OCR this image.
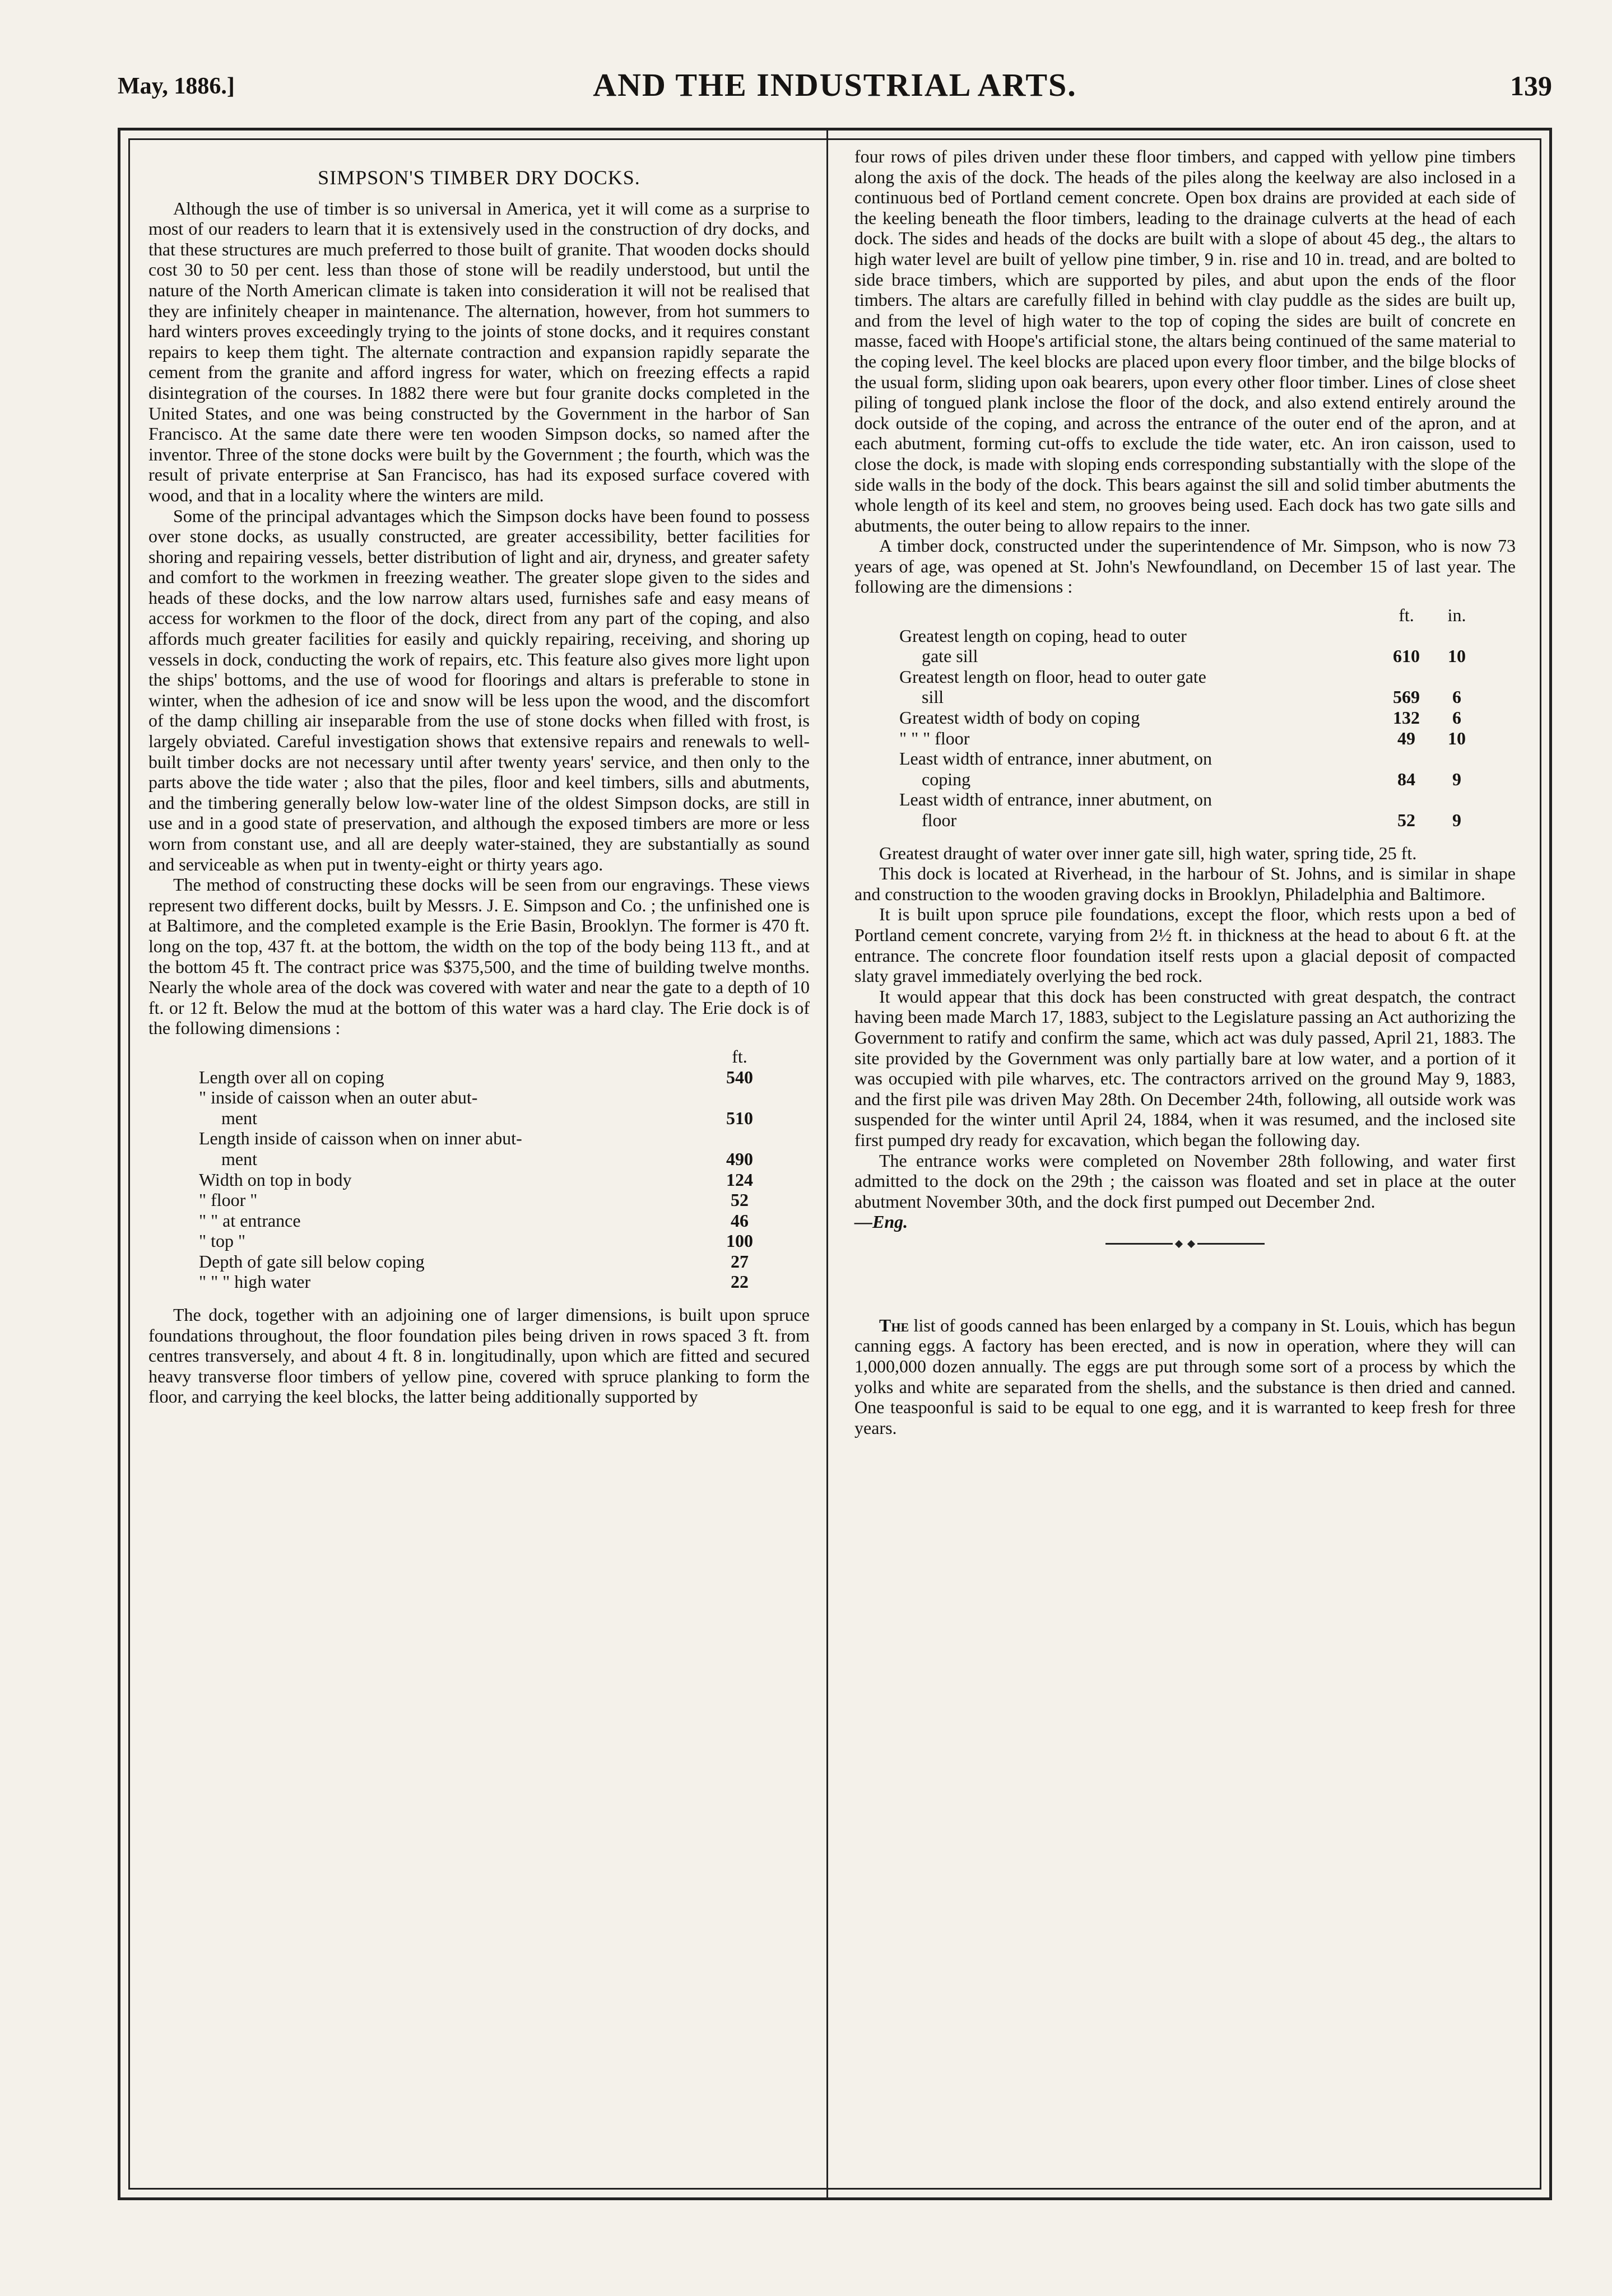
May, 1886.]	AND THE INDUSTRIAL ARTS.	139
SIMPSON'S TIMBER DRY DOCKS.

Although the use of timber is so universal in America, yet it will come as a surprise to most of our readers to learn that it is extensively used in the construction of dry docks, and that these structures are much preferred to those built of granite. That wooden docks should cost 30 to 50 per cent. less than those of stone will be readily understood, but until the nature of the North American climate is taken into consideration it will not be realised that they are infinitely cheaper in maintenance. The alternation, however, from hot summers to hard winters proves exceedingly trying to the joints of stone docks, and it requires constant repairs to keep them tight. The alternate contraction and expansion rapidly separate the cement from the granite and afford ingress for water, which on freezing effects a rapid disintegration of the courses. In 1882 there were but four granite docks completed in the United States, and one was being constructed by the Government in the harbor of San Francisco. At the same date there were ten wooden Simpson docks, so named after the inventor. Three of the stone docks were built by the Government ; the fourth, which was the result of private enterprise at San Francisco, has had its exposed surface covered with wood, and that in a locality where the winters are mild.

Some of the principal advantages which the Simpson docks have been found to possess over stone docks, as usually constructed, are greater accessibility, better facilities for shoring and repairing vessels, better distribution of light and air, dryness, and greater safety and comfort to the workmen in freezing weather. The greater slope given to the sides and heads of these docks, and the low narrow altars used, furnishes safe and easy means of access for workmen to the floor of the dock, direct from any part of the coping, and also affords much greater facilities for easily and quickly repairing, receiving, and shoring up vessels in dock, conducting the work of repairs, etc. This feature also gives more light upon the ships' bottoms, and the use of wood for floorings and altars is preferable to stone in winter, when the adhesion of ice and snow will be less upon the wood, and the discomfort of the damp chilling air inseparable from the use of stone docks when filled with frost, is largely obviated. Careful investigation shows that extensive repairs and renewals to well-built timber docks are not necessary until after twenty years' service, and then only to the parts above the tide water ; also that the piles, floor and keel timbers, sills and abutments, and the timbering generally below low-water line of the oldest Simpson docks, are still in use and in a good state of preservation, and although the exposed timbers are more or less worn from constant use, and all are deeply water-stained, they are substantially as sound and serviceable as when put in twenty-eight or thirty years ago.

The method of constructing these docks will be seen from our engravings. These views represent two different docks, built by Messrs. J. E. Simpson and Co. ; the unfinished one is at Baltimore, and the completed example is the Erie Basin, Brooklyn. The former is 470 ft. long on the top, 437 ft. at the bottom, the width on the top of the body being 113 ft., and at the bottom 45 ft. The contract price was $375,500, and the time of building twelve months. Nearly the whole area of the dock was covered with water and near the gate to a depth of 10 ft. or 12 ft. Below the mud at the bottom of this water was a hard clay. The Erie dock is of the following dimensions :

ft.
Length over all on coping	540
" inside of caisson when an outer abut-
ment	510
Length inside of caisson when on inner abut-
ment	490
Width on top in body	124
" floor "	52
" " at entrance	46
" top "	100
Depth of gate sill below coping	27
" " " high water	22

The dock, together with an adjoining one of larger dimensions, is built upon spruce foundations throughout, the floor foundation piles being driven in rows spaced 3 ft. from centres transversely, and about 4 ft. 8 in. longitudinally, upon which are fitted and secured heavy transverse floor timbers of yellow pine, covered with spruce planking to form the floor, and carrying the keel blocks, the latter being additionally supported by

four rows of piles driven under these floor timbers, and capped with yellow pine timbers along the axis of the dock. The heads of the piles along the keelway are also inclosed in a continuous bed of Portland cement concrete. Open box drains are provided at each side of the keeling beneath the floor timbers, leading to the drainage culverts at the head of each dock. The sides and heads of the docks are built with a slope of about 45 deg., the altars to high water level are built of yellow pine timber, 9 in. rise and 10 in. tread, and are bolted to side brace timbers, which are supported by piles, and abut upon the ends of the floor timbers. The altars are carefully filled in behind with clay puddle as the sides are built up, and from the level of high water to the top of coping the sides are built of concrete en masse, faced with Hoope's artificial stone, the altars being continued of the same material to the coping level. The keel blocks are placed upon every floor timber, and the bilge blocks of the usual form, sliding upon oak bearers, upon every other floor timber. Lines of close sheet piling of tongued plank inclose the floor of the dock, and also extend entirely around the dock outside of the coping, and across the entrance of the outer end of the apron, and at each abutment, forming cut-offs to exclude the tide water, etc. An iron caisson, used to close the dock, is made with sloping ends corresponding substantially with the slope of the side walls in the body of the dock. This bears against the sill and solid timber abutments the whole length of its keel and stem, no grooves being used. Each dock has two gate sills and abutments, the outer being to allow repairs to the inner.

A timber dock, constructed under the superintendence of Mr. Simpson, who is now 73 years of age, was opened at St. John's Newfoundland, on December 15 of last year. The following are the dimensions :

ft.	in.
Greatest length on coping, head to outer
gate sill	610	10
Greatest length on floor, head to outer gate
sill	569	6
Greatest width of body on coping	132	6
" " " floor	49	10
Least width of entrance, inner abutment, on
coping	84	9
Least width of entrance, inner abutment, on
floor	52	9

Greatest draught of water over inner gate sill, high water, spring tide, 25 ft.

This dock is located at Riverhead, in the harbour of St. Johns, and is similar in shape and construction to the wooden graving docks in Brooklyn, Philadelphia and Baltimore.

It is built upon spruce pile foundations, except the floor, which rests upon a bed of Portland cement concrete, varying from 2½ ft. in thickness at the head to about 6 ft. at the entrance. The concrete floor foundation itself rests upon a glacial deposit of compacted slaty gravel immediately overlying the bed rock.

It would appear that this dock has been constructed with great despatch, the contract having been made March 17, 1883, subject to the Legislature passing an Act authorizing the Government to ratify and confirm the same, which act was duly passed, April 21, 1883. The site provided by the Government was only partially bare at low water, and a portion of it was occupied with pile wharves, etc. The contractors arrived on the ground May 9, 1883, and the first pile was driven May 28th. On December 24th, following, all outside work was suspended for the winter until April 24, 1884, when it was resumed, and the inclosed site first pumped dry ready for excavation, which began the following day.

The entrance works were completed on November 28th following, and water first admitted to the dock on the 29th ; the caisson was floated and set in place at the outer abutment November 30th, and the dock first pumped out December 2nd.

—Eng.

The list of goods canned has been enlarged by a company in St. Louis, which has begun canning eggs. A factory has been erected, and is now in operation, where they will can 1,000,000 dozen annually. The eggs are put through some sort of a process by which the yolks and white are separated from the shells, and the substance is then dried and canned. One teaspoonful is said to be equal to one egg, and it is warranted to keep fresh for three years.
